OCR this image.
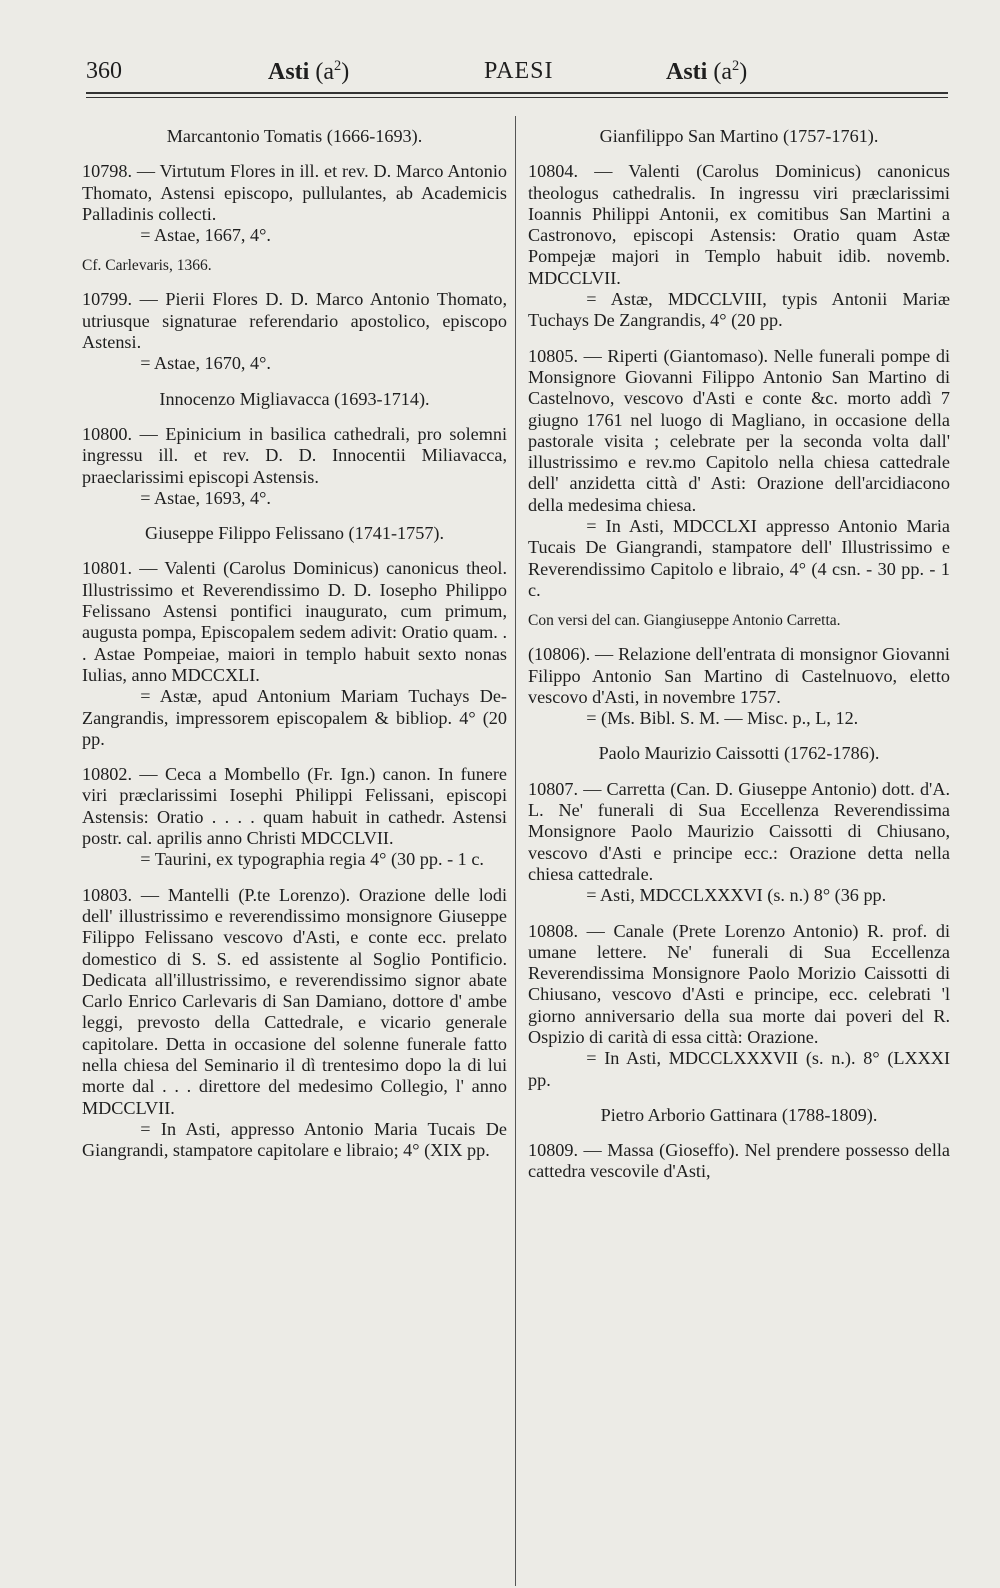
360	Asti $(a^2)$	PAESI	Asti $(a^2)$
Marcantonio Tomatis (1666-1693).

10798. — Virtutum Flores in ill. et rev. D. Marco Antonio Thomato, Astensi episcopo, pullulantes, ab Academicis Palladinis collecti.

= Astae, 1667, 4°.

Cf. Carlevaris, 1366.

10799. — Pierii Flores D. D. Marco Antonio Thomato, utriusque signaturae referendario apostolico, episcopo Astensi.

= Astae, 1670, 4°.

Innocenzo Migliavacca (1693-1714).

10800. — Epinicium in basilica cathedrali, pro solemni ingressu ill. et rev. D. D. Innocentii Miliavacca, praeclarissimi episcopi Astensis.

= Astae, 1693, 4°.

Giuseppe Filippo Felissano (1741-1757).

10801. — Valenti (Carolus Dominicus) canonicus theol. Illustrissimo et Reverendissimo D. D. Iosepho Philippo Felissano Astensi pontifici inaugurato, cum primum, augusta pompa, Episcopalem sedem adivit: Oratio quam. . . Astae Pompeiae, maiori in templo habuit sexto nonas Iulias, anno MDCCXLI.

= Astæ, apud Antonium Mariam Tuchays De-Zangrandis, impressorem episcopalem & bibliop. 4° (20 pp.

10802. — Ceca a Mombello (Fr. Ign.) canon. In funere viri præclarissimi Iosephi Philippi Felissani, episcopi Astensis: Oratio . . . . quam habuit in cathedr. Astensi postr. cal. aprilis anno Christi MDCCLVII.

= Taurini, ex typographia regia 4° (30 pp. - 1 c.

10803. — Mantelli (P.te Lorenzo). Orazione delle lodi dell' illustrissimo e reverendissimo monsignore Giuseppe Filippo Felissano vescovo d'Asti, e conte ecc. prelato domestico di S. S. ed assistente al Soglio Pontificio. Dedicata all'illustrissimo, e reverendissimo signor abate Carlo Enrico Carlevaris di San Damiano, dottore d' ambe leggi, prevosto della Cattedrale, e vicario generale capitolare. Detta in occasione del solenne funerale fatto nella chiesa del Seminario il dì trentesimo dopo la di lui morte dal . . . direttore del medesimo Collegio, l' anno MDCCLVII.

= In Asti, appresso Antonio Maria Tucais De Giangrandi, stampatore capitolare e libraio; 4° (XIX pp.

Gianfilippo San Martino (1757-1761).

10804. — Valenti (Carolus Dominicus) canonicus theologus cathedralis. In ingressu viri præclarissimi Ioannis Philippi Antonii, ex comitibus San Martini a Castronovo, episcopi Astensis: Oratio quam Astæ Pompejæ majori in Templo habuit idib. novemb. MDCCLVII.

= Astæ, MDCCLVIII, typis Antonii Mariæ Tuchays De Zangrandis, 4° (20 pp.

10805. — Riperti (Giantomaso). Nelle funerali pompe di Monsignore Giovanni Filippo Antonio San Martino di Castelnovo, vescovo d'Asti e conte &c. morto addì 7 giugno 1761 nel luogo di Magliano, in occasione della pastorale visita ; celebrate per la seconda volta dall' illustrissimo e rev.mo Capitolo nella chiesa cattedrale dell' anzidetta città d' Asti: Orazione dell'arcidiacono della medesima chiesa.

= In Asti, MDCCLXI appresso Antonio Maria Tucais De Giangrandi, stampatore dell' Illustrissimo e Reverendissimo Capitolo e libraio, 4° (4 csn. - 30 pp. - 1 c.

Con versi del can. Giangiuseppe Antonio Carretta.

(10806). — Relazione dell'entrata di monsignor Giovanni Filippo Antonio San Martino di Castelnuovo, eletto vescovo d'Asti, in novembre 1757.

= (Ms. Bibl. S. M. — Misc. p., L, 12.

Paolo Maurizio Caissotti (1762-1786).

10807. — Carretta (Can. D. Giuseppe Antonio) dott. d'A. L. Ne' funerali di Sua Eccellenza Reverendissima Monsignore Paolo Maurizio Caissotti di Chiusano, vescovo d'Asti e principe ecc.: Orazione detta nella chiesa cattedrale.

= Asti, MDCCLXXXVI (s. n.) 8° (36 pp.

10808. — Canale (Prete Lorenzo Antonio) R. prof. di umane lettere. Ne' funerali di Sua Eccellenza Reverendissima Monsignore Paolo Morizio Caissotti di Chiusano, vescovo d'Asti e principe, ecc. celebrati 'l giorno anniversario della sua morte dai poveri del R. Ospizio di carità di essa città: Orazione.

= In Asti, MDCCLXXXVII (s. n.). 8° (LXXXI pp.

Pietro Arborio Gattinara (1788-1809).

10809. — Massa (Gioseffo). Nel prendere possesso della cattedra vescovile d'Asti,
